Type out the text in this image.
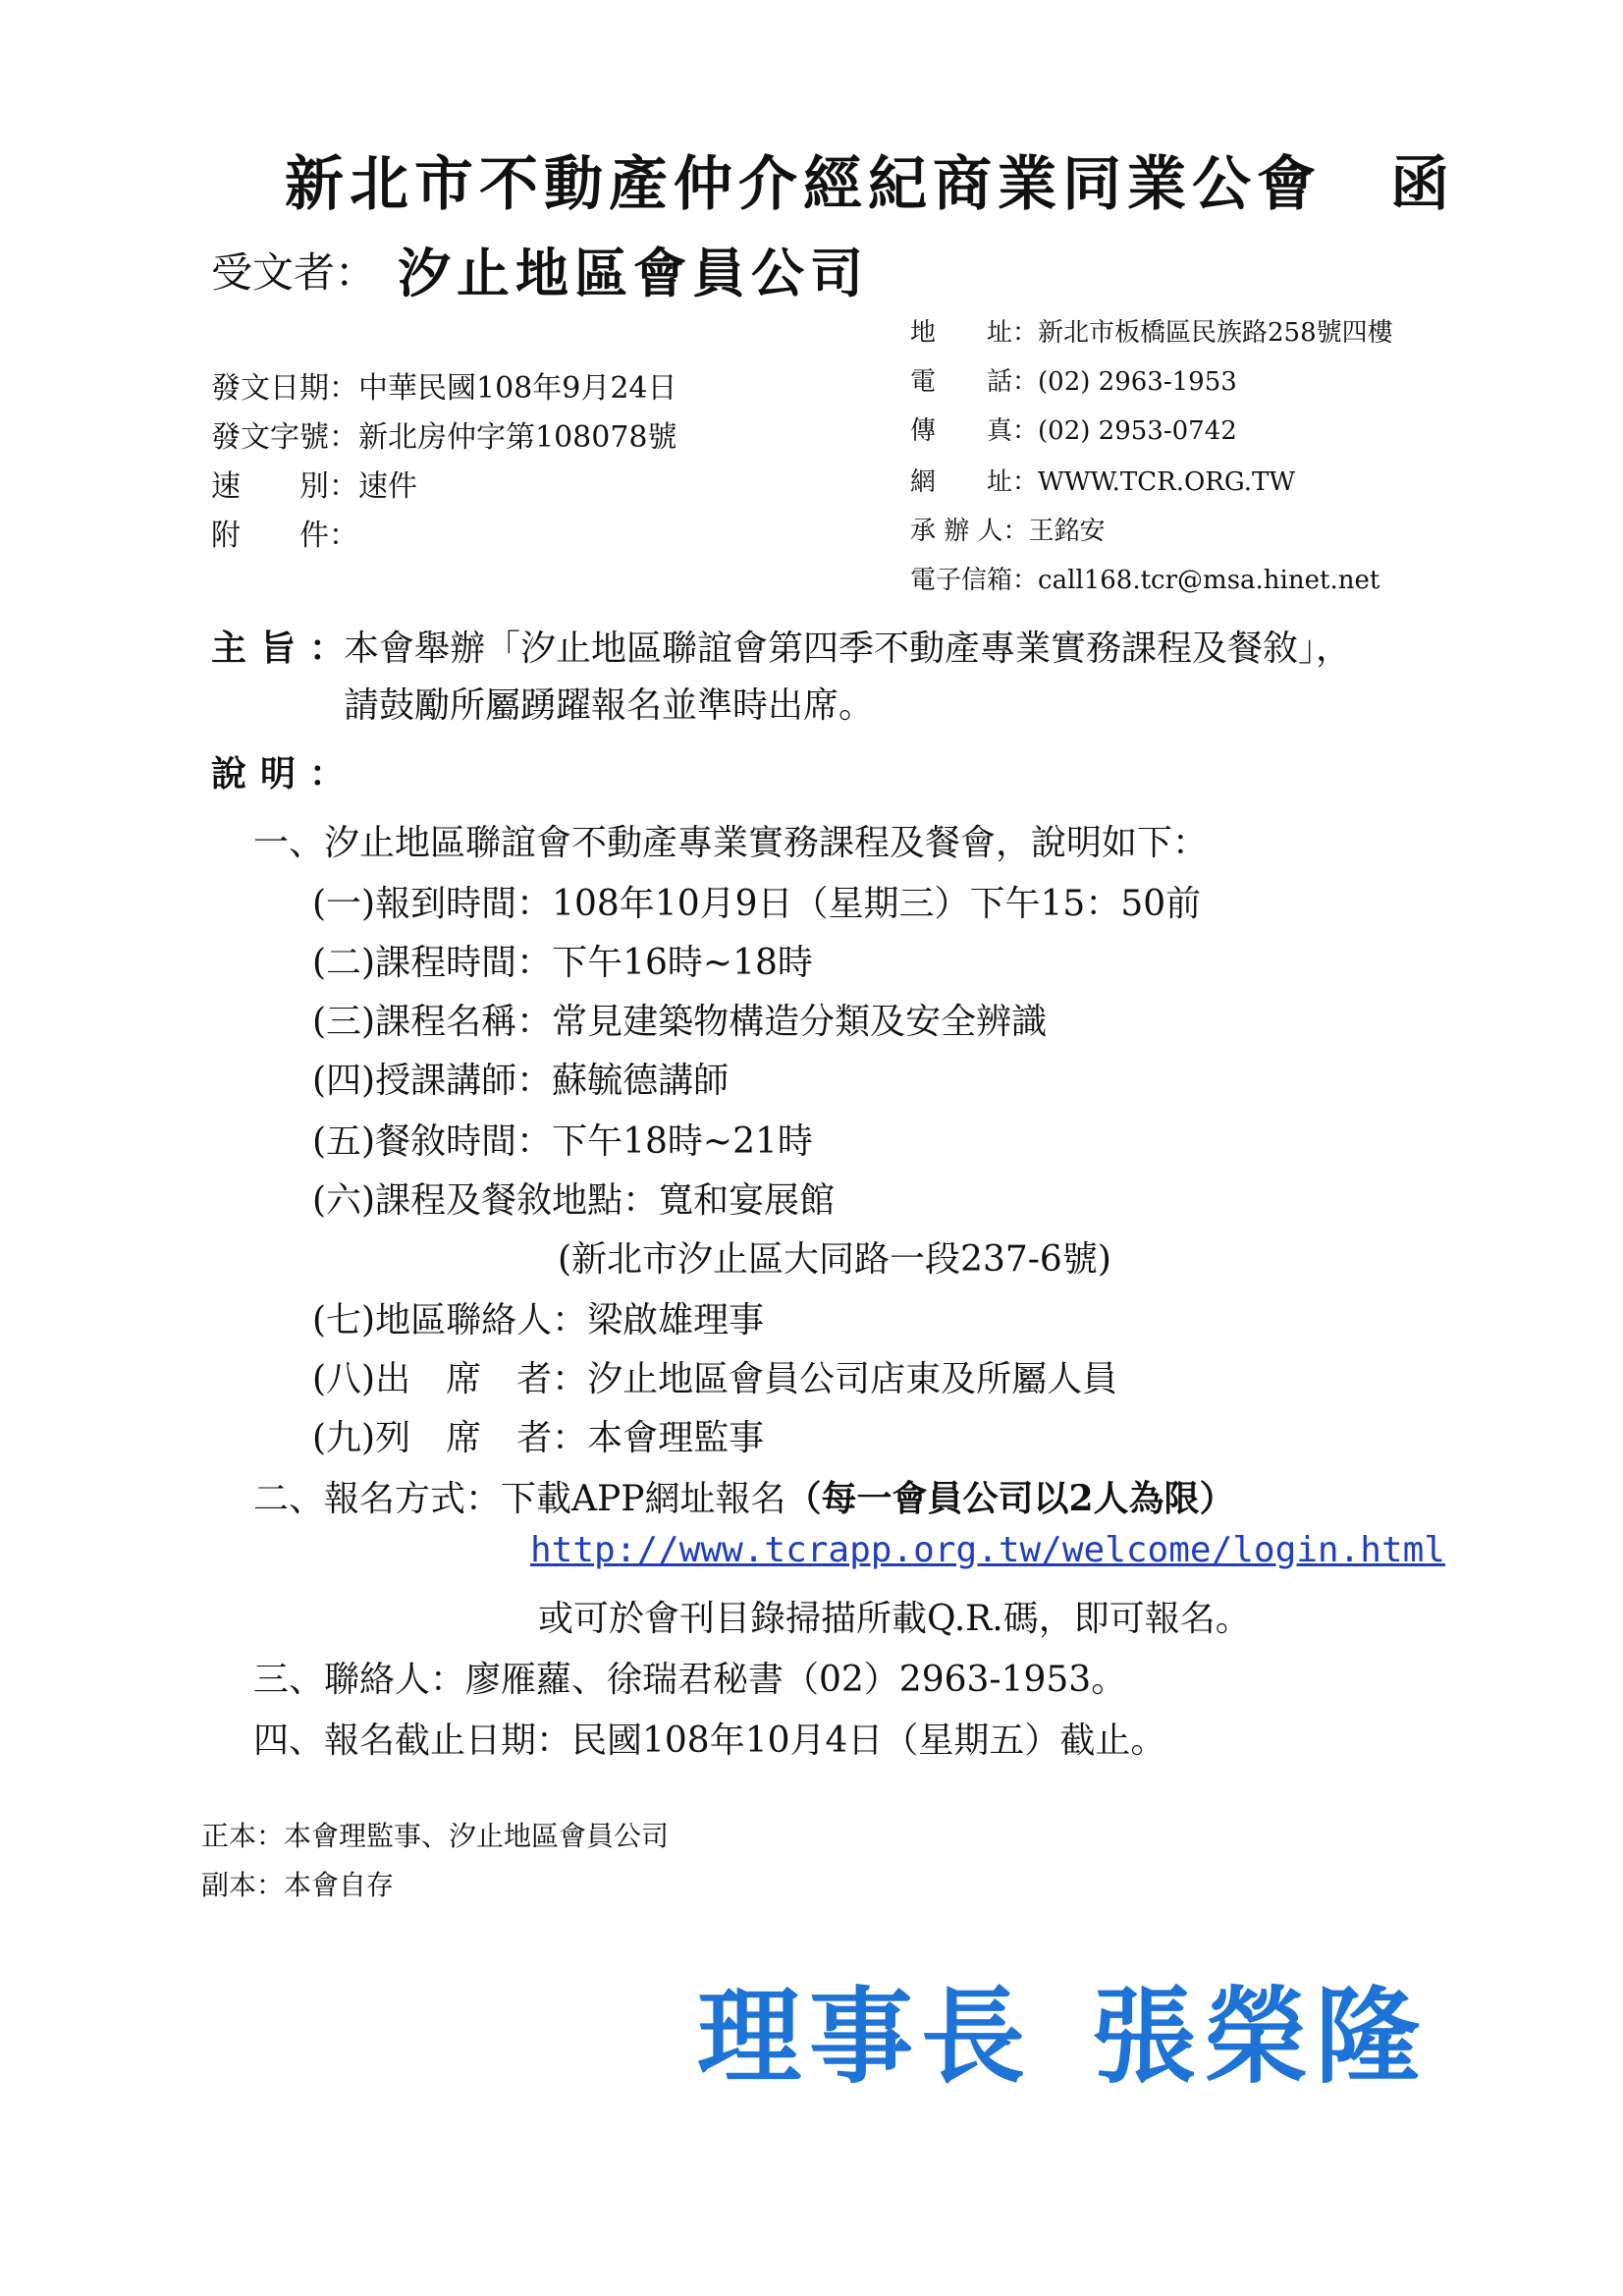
新北市不動產仲介經紀商業同業公會 函
受文者： 汐止地區會員公司
地　　址：新北市板橋區民族路258號四樓
電　　話：(02) 2963-1953
傳　　真：(02) 2953-0742
網　　址：WWW.TCR.ORG.TW
承 辦 人：王銘安
電子信箱：call168.tcr@msa.hinet.net
發文日期：中華民國108年9月24日
發文字號：新北房仲字第108078號
速　　別：速件
附　　件：
主旨：
本會舉辦「汐止地區聯誼會第四季不動產專業實務課程及餐敘」，
請鼓勵所屬踴躍報名並準時出席。
說明：
一、汐止地區聯誼會不動產專業實務課程及餐會，說明如下：
(一)報到時間：108年10月9日（星期三）下午15：50前
(二)課程時間：下午16時~18時
(三)課程名稱：常見建築物構造分類及安全辨識
(四)授課講師：蘇毓德講師
(五)餐敘時間：下午18時~21時
(六)課程及餐敘地點：寬和宴展館
(新北市汐止區大同路一段237-6號)
(七)地區聯絡人：梁啟雄理事
(八)出　席　者：汐止地區會員公司店東及所屬人員
(九)列　席　者：本會理監事
二、報名方式：下載APP網址報名（每一會員公司以2人為限）
http://www.tcrapp.org.tw/welcome/login.html
或可於會刊目錄掃描所載Q.R.碼，即可報名。
三、聯絡人：廖雁蘿、徐瑞君秘書（02）2963-1953。
四、報名截止日期：民國108年10月4日（星期五）截止。
正本：本會理監事、汐止地區會員公司
副本：本會自存
理事長 張榮隆
